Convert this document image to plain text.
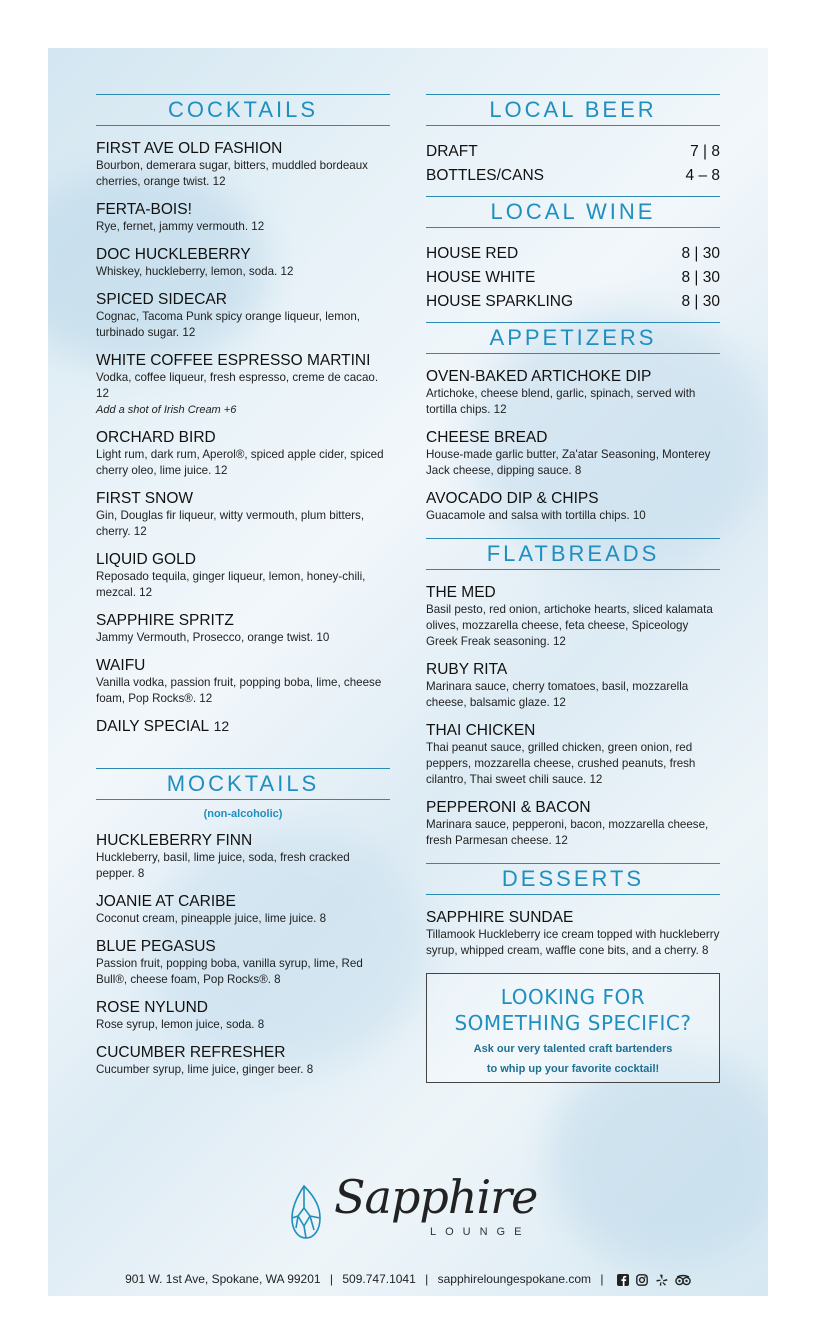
COCKTAILS
FIRST AVE OLD FASHION
Bourbon, demerara sugar, bitters, muddled bordeaux cherries, orange twist. 12
FERTA-BOIS!
Rye, fernet, jammy vermouth. 12
DOC HUCKLEBERRY
Whiskey, huckleberry, lemon, soda. 12
SPICED SIDECAR
Cognac, Tacoma Punk spicy orange liqueur, lemon, turbinado sugar. 12
WHITE COFFEE ESPRESSO MARTINI
Vodka, coffee liqueur, fresh espresso, creme de cacao. 12
Add a shot of Irish Cream +6
ORCHARD BIRD
Light rum, dark rum, Aperol®, spiced apple cider, spiced cherry oleo, lime juice. 12
FIRST SNOW
Gin, Douglas fir liqueur, witty vermouth, plum bitters, cherry. 12
LIQUID GOLD
Reposado tequila, ginger liqueur, lemon, honey-chili, mezcal. 12
SAPPHIRE SPRITZ
Jammy Vermouth, Prosecco, orange twist. 10
WAIFU
Vanilla vodka, passion fruit, popping boba, lime, cheese foam, Pop Rocks®. 12
DAILY SPECIAL 12
MOCKTAILS
(non-alcoholic)
HUCKLEBERRY FINN
Huckleberry, basil, lime juice, soda, fresh cracked pepper. 8
JOANIE AT CARIBE
Coconut cream, pineapple juice, lime juice. 8
BLUE PEGASUS
Passion fruit, popping boba, vanilla syrup, lime, Red Bull®, cheese foam, Pop Rocks®. 8
ROSE NYLUND
Rose syrup, lemon juice, soda. 8
CUCUMBER REFRESHER
Cucumber syrup, lime juice, ginger beer. 8
LOCAL BEER
DRAFT	7 | 8
BOTTLES/CANS	4 – 8
LOCAL WINE
HOUSE RED	8 | 30
HOUSE WHITE	8 | 30
HOUSE SPARKLING	8 | 30
APPETIZERS
OVEN-BAKED ARTICHOKE DIP
Artichoke, cheese blend, garlic, spinach, served with tortilla chips. 12
CHEESE BREAD
House-made garlic butter, Za'atar Seasoning, Monterey Jack cheese, dipping sauce. 8
AVOCADO DIP & CHIPS
Guacamole and salsa with tortilla chips. 10
FLATBREADS
THE MED
Basil pesto, red onion, artichoke hearts, sliced kalamata olives, mozzarella cheese, feta cheese, Spiceology Greek Freak seasoning. 12
RUBY RITA
Marinara sauce, cherry tomatoes, basil, mozzarella cheese, balsamic glaze. 12
THAI CHICKEN
Thai peanut sauce, grilled chicken, green onion, red peppers, mozzarella cheese, crushed peanuts, fresh cilantro, Thai sweet chili sauce. 12
PEPPERONI & BACON
Marinara sauce, pepperoni, bacon, mozzarella cheese, fresh Parmesan cheese. 12
DESSERTS
SAPPHIRE SUNDAE
Tillamook Huckleberry ice cream topped with huckleberry syrup, whipped cream, waffle cone bits, and a cherry. 8
LOOKING FOR
SOMETHING SPECIFIC?
Ask our very talented craft bartenders
to whip up your favorite cocktail!
Sapphire
LOUNGE
901 W. 1st Ave, Spokane, WA 99201 | 509.747.1041 | sapphireloungespokane.com |
